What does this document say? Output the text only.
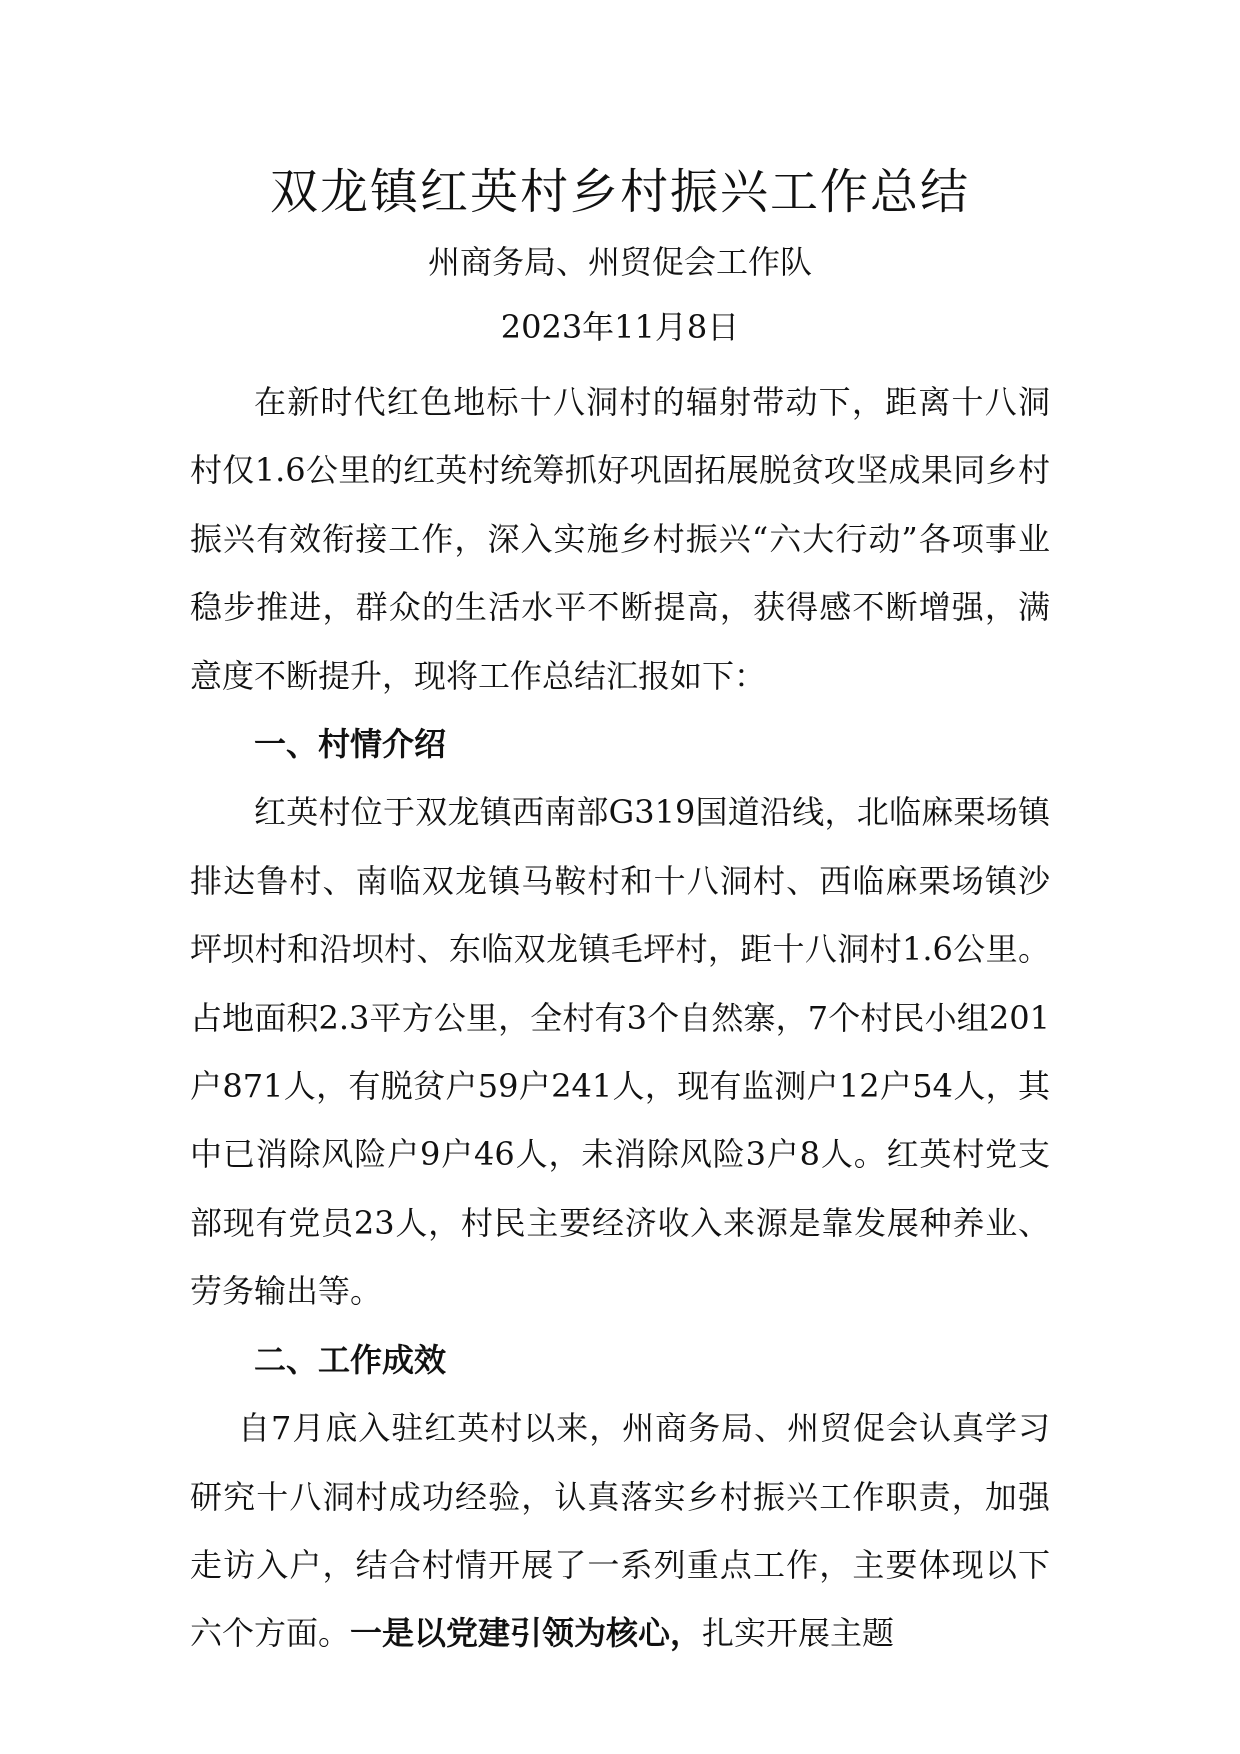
双龙镇红英村乡村振兴工作总结

州商务局、州贸促会工作队

2023年11月8日

在新时代红色地标十八洞村的辐射带动下，距离十八洞村仅1.6公里的红英村统筹抓好巩固拓展脱贫攻坚成果同乡村振兴有效衔接工作，深入实施乡村振兴“六大行动”各项事业稳步推进，群众的生活水平不断提高，获得感不断增强，满意度不断提升，现将工作总结汇报如下：

一、村情介绍

红英村位于双龙镇西南部G319国道沿线，北临麻栗场镇排达鲁村、南临双龙镇马鞍村和十八洞村、西临麻栗场镇沙坪坝村和沿坝村、东临双龙镇毛坪村，距十八洞村1.6公里。占地面积2.3平方公里，全村有3个自然寨，7个村民小组201户871人，有脱贫户59户241人，现有监测户12户54人，其中已消除风险户9户46人，未消除风险3户8人。红英村党支部现有党员23人，村民主要经济收入来源是靠发展种养业、劳务输出等。

二、工作成效

自7月底入驻红英村以来，州商务局、州贸促会认真学习研究十八洞村成功经验，认真落实乡村振兴工作职责，加强走访入户，结合村情开展了一系列重点工作，主要体现以下六个方面。一是以党建引领为核心，扎实开展主题
